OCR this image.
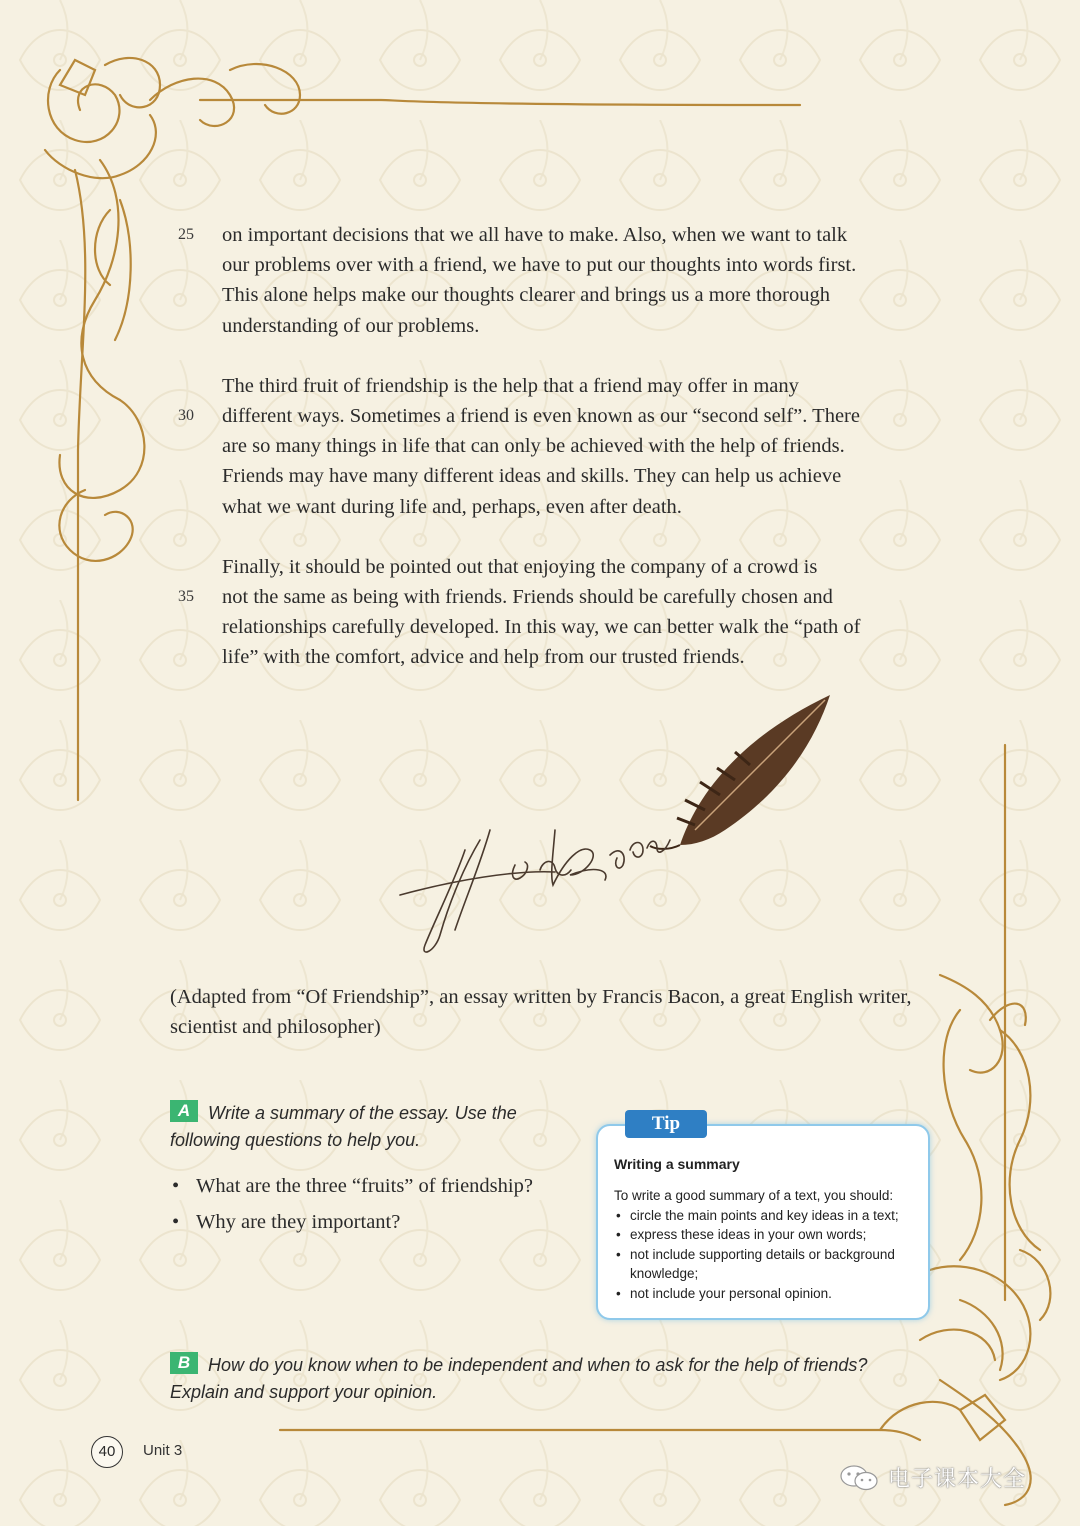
25 on important decisions that we all have to make. Also, when we want to talk
our problems over with a friend, we have to put our thoughts into words first.
This alone helps make our thoughts clearer and brings us a more thorough
understanding of our problems.
The third fruit of friendship is the help that a friend may offer in many
30 different ways. Sometimes a friend is even known as our “second self”. There
are so many things in life that can only be achieved with the help of friends.
Friends may have many different ideas and skills. They can help us achieve
what we want during life and, perhaps, even after death.
Finally, it should be pointed out that enjoying the company of a crowd is
35 not the same as being with friends. Friends should be carefully chosen and
relationships carefully developed. In this way, we can better walk the “path of
life” with the comfort, advice and help from our trusted friends.
(Adapted from “Of Friendship”, an essay written by Francis Bacon, a great English writer, scientist and philosopher)
A Write a summary of the essay. Use the following questions to help you.
• What are the three “fruits” of friendship?
• Why are they important?
Writing a summary
To write a good summary of a text, you should:
• circle the main points and key ideas in a text;
• express these ideas in your own words;
• not include supporting details or background knowledge;
• not include your personal opinion.
Tip
B How do you know when to be independent and when to ask for the help of friends? Explain and support your opinion.
40	Unit 3
电子课本大全
